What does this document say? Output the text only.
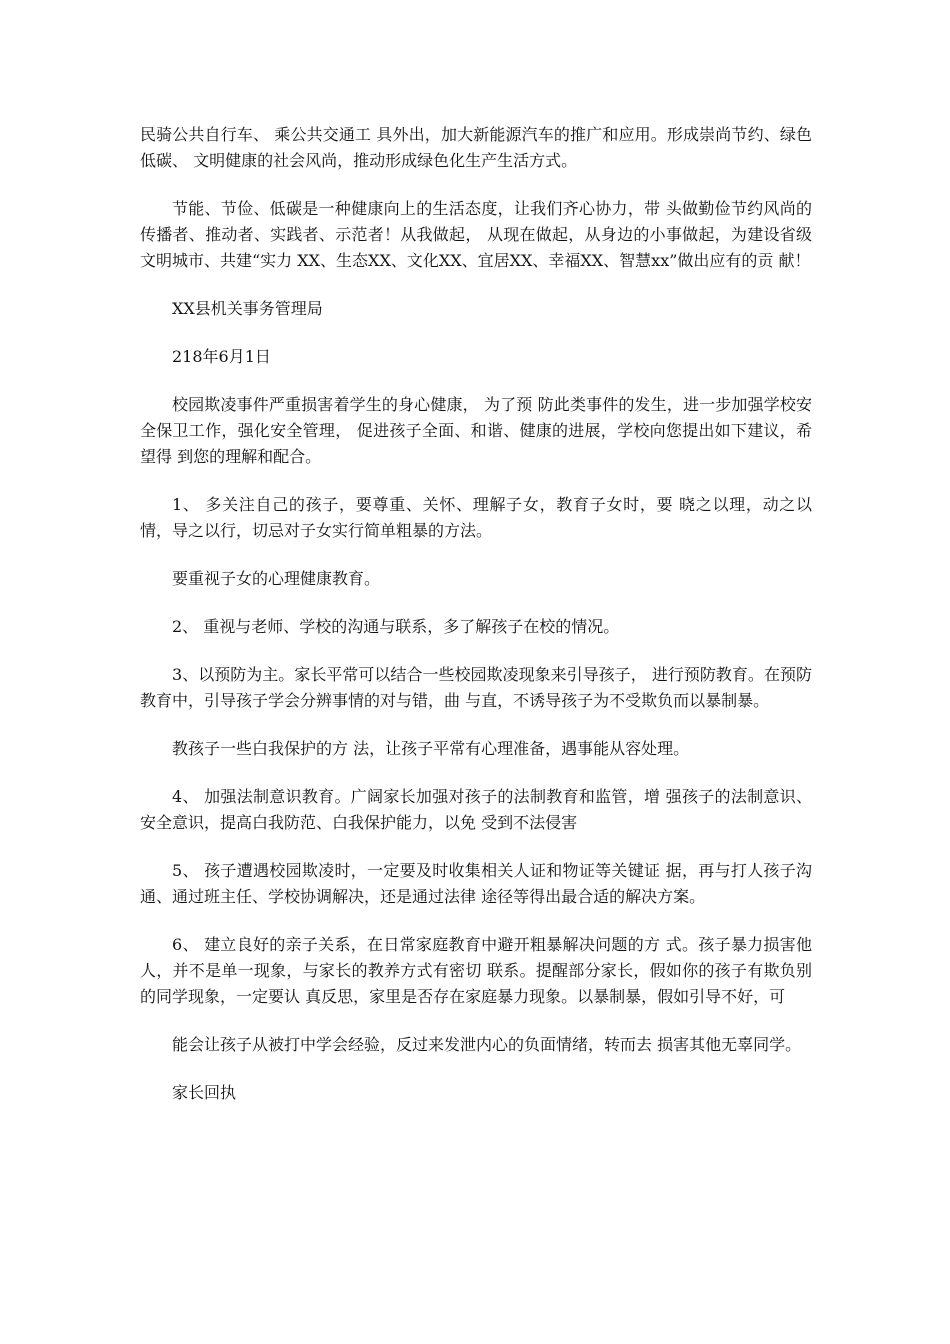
民骑公共自行车、 乘公共交通工 具外出，加大新能源汽车的推广和应用。形成崇尚节约、绿色低碳、 文明健康的社会风尚，推动形成绿色化生产生活方式。

节能、节俭、低碳是一种健康向上的生活态度，让我们齐心协力，带 头做勤俭节约风尚的传播者、推动者、实践者、示范者！从我做起， 从现在做起，从身边的小事做起，为建设省级文明城市、共建“实力 XX、生态XX、文化XX、宜居XX、幸福XX、智慧xx”做出应有的贡 献！

XX县机关事务管理局

218年6月1日

校园欺凌事件严重损害着学生的身心健康， 为了预 防此类事件的发生，进一步加强学校安全保卫工作，强化安全管理， 促进孩子全面、和谐、健康的进展，学校向您提出如下建议，希望得 到您的理解和配合。

1、 多关注自己的孩子，要尊重、关怀、理解子女，教育子女时，要 晓之以理，动之以情，导之以行，切忌对子女实行简单粗暴的方法。

要重视子女的心理健康教育。

2、 重视与老师、学校的沟通与联系，多了解孩子在校的情况。

3、以预防为主。家长平常可以结合一些校园欺凌现象来引导孩子， 进行预防教育。在预防教育中，引导孩子学会分辨事情的对与错，曲 与直，不诱导孩子为不受欺负而以暴制暴。

教孩子一些白我保护的方 法，让孩子平常有心理准备，遇事能从容处理。

4、 加强法制意识教育。广阔家长加强对孩子的法制教育和监管，增 强孩子的法制意识、安全意识，提高白我防范、白我保护能力，以免 受到不法侵害

5、 孩子遭遇校园欺凌时，一定要及时收集相关人证和物证等关键证 据，再与打人孩子沟通、通过班主任、学校协调解决，还是通过法律 途径等得出最合适的解决方案。

6、 建立良好的亲子关系，在日常家庭教育中避开粗暴解决问题的方 式。孩子暴力损害他人，并不是单一现象，与家长的教养方式有密切 联系。提醒部分家长，假如你的孩子有欺负别的同学现象，一定要认 真反思，家里是否存在家庭暴力现象。以暴制暴，假如引导不好，可

能会让孩子从被打中学会经验，反过来发泄内心的负面情绪，转而去 损害其他无辜同学。

家长回执
